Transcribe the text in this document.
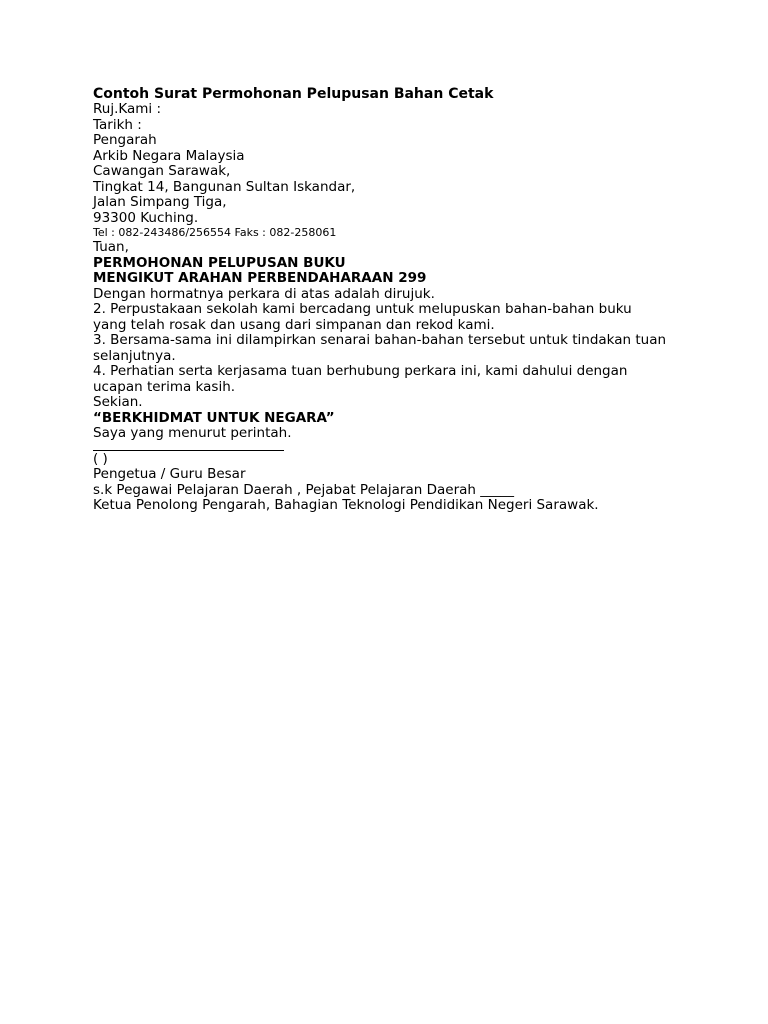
Contoh Surat Permohonan Pelupusan Bahan Cetak
Ruj.Kami :
Tarikh :
Pengarah
Arkib Negara Malaysia
Cawangan Sarawak,
Tingkat 14, Bangunan Sultan Iskandar,
Jalan Simpang Tiga,
93300 Kuching.
Tel : 082-243486/256554 Faks : 082-258061
Tuan,
PERMOHONAN PELUPUSAN BUKU
MENGIKUT ARAHAN PERBENDAHARAAN 299
Dengan hormatnya perkara di atas adalah dirujuk.
2. Perpustakaan sekolah kami bercadang untuk melupuskan bahan-bahan buku yang telah rosak dan usang dari simpanan dan rekod kami.
3. Bersama-sama ini dilampirkan senarai bahan-bahan tersebut untuk tindakan tuan selanjutnya.
4. Perhatian serta kerjasama tuan berhubung perkara ini, kami dahului dengan ucapan terima kasih.
Sekian.
“BERKHIDMAT UNTUK NEGARA”
Saya yang menurut perintah.
( )
Pengetua / Guru Besar
s.k Pegawai Pelajaran Daerah , Pejabat Pelajaran Daerah _____
Ketua Penolong Pengarah, Bahagian Teknologi Pendidikan Negeri Sarawak.
